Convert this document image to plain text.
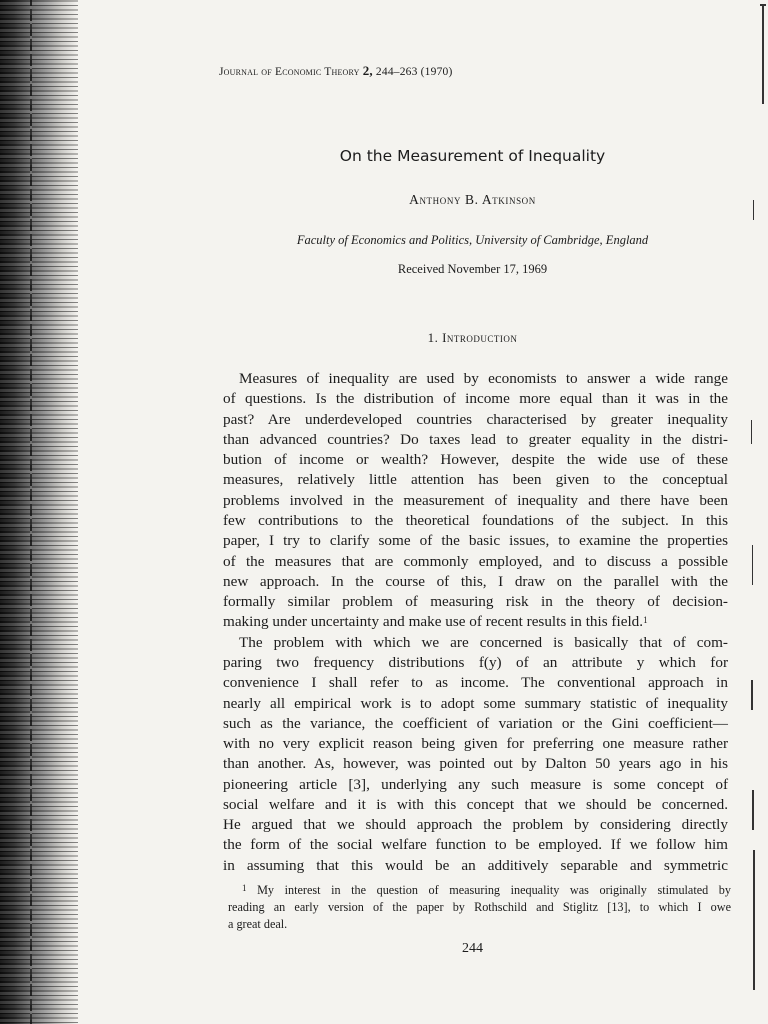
Journal of Economic Theory 2, 244–263 (1970)
On the Measurement of Inequality
Anthony B. Atkinson
Faculty of Economics and Politics, University of Cambridge, England
Received November 17, 1969
1. Introduction

Measures of inequality are used by economists to answer a wide range
of questions. Is the distribution of income more equal than it was in the
past? Are underdeveloped countries characterised by greater inequality
than advanced countries? Do taxes lead to greater equality in the distri-
bution of income or wealth? However, despite the wide use of these
measures, relatively little attention has been given to the conceptual
problems involved in the measurement of inequality and there have been
few contributions to the theoretical foundations of the subject. In this
paper, I try to clarify some of the basic issues, to examine the properties
of the measures that are commonly employed, and to discuss a possible
new approach. In the course of this, I draw on the parallel with the
formally similar problem of measuring risk in the theory of decision-
making under uncertainty and make use of recent results in this field.$^1$

The problem with which we are concerned is basically that of com-
paring two frequency distributions f(y) of an attribute y which for
convenience I shall refer to as income. The conventional approach in
nearly all empirical work is to adopt some summary statistic of inequality
such as the variance, the coefficient of variation or the Gini coefficient—
with no very explicit reason being given for preferring one measure rather
than another. As, however, was pointed out by Dalton 50 years ago in his
pioneering article [3], underlying any such measure is some concept of
social welfare and it is with this concept that we should be concerned.
He argued that we should approach the problem by considering directly
the form of the social welfare function to be employed. If we follow him
in assuming that this would be an additively separable and symmetric

$^1$ My interest in the question of measuring inequality was originally stimulated by
reading an early version of the paper by Rothschild and Stiglitz [13], to which I owe
a great deal.
244
